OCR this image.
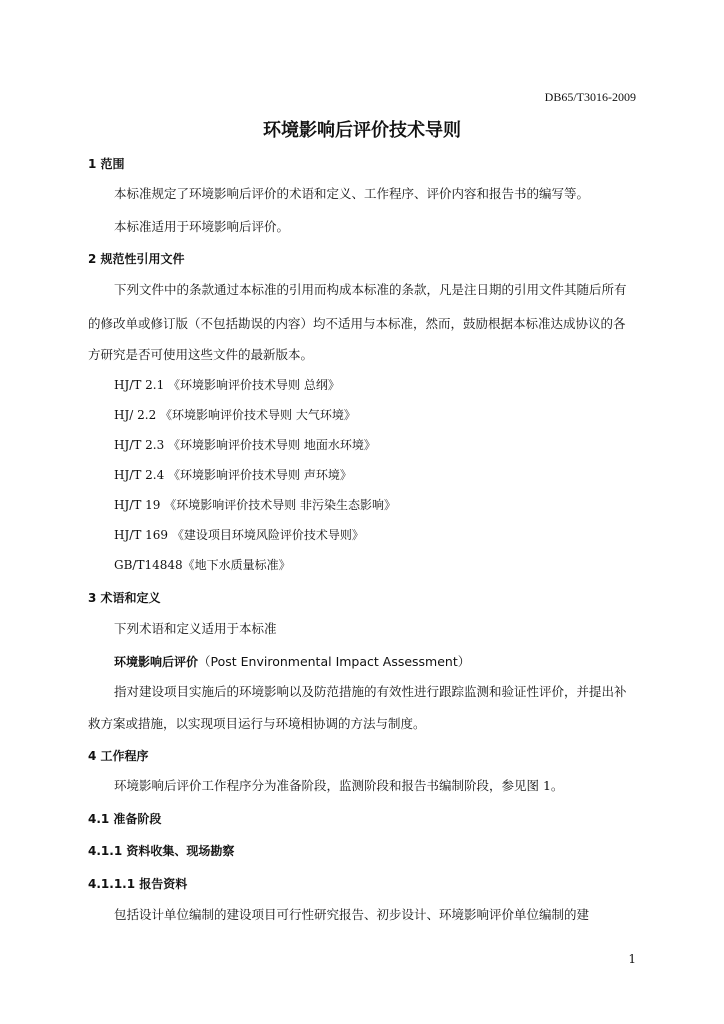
DB65/T3016-2009
环境影响后评价技术导则
1 范围
本标准规定了环境影响后评价的术语和定义、工作程序、评价内容和报告书的编写等。
本标准适用于环境影响后评价。
2 规范性引用文件
下列文件中的条款通过本标准的引用而构成本标准的条款，凡是注日期的引用文件其随后所有
的修改单或修订版（不包括勘误的内容）均不适用与本标准，然而，鼓励根据本标准达成协议的各
方研究是否可使用这些文件的最新版本。
HJ/T 2.1 《环境影响评价技术导则 总纲》
HJ/ 2.2 《环境影响评价技术导则 大气环境》
HJ/T 2.3 《环境影响评价技术导则 地面水环境》
HJ/T 2.4 《环境影响评价技术导则 声环境》
HJ/T 19 《环境影响评价技术导则 非污染生态影响》
HJ/T 169 《建设项目环境风险评价技术导则》
GB/T14848《地下水质量标准》
3 术语和定义
下列术语和定义适用于本标准
环境影响后评价（Post Environmental Impact Assessment）
指对建设项目实施后的环境影响以及防范措施的有效性进行跟踪监测和验证性评价，并提出补
救方案或措施，以实现项目运行与环境相协调的方法与制度。
4 工作程序
环境影响后评价工作程序分为准备阶段，监测阶段和报告书编制阶段，参见图 1。
4.1 准备阶段
4.1.1 资料收集、现场勘察
4.1.1.1 报告资料
包括设计单位编制的建设项目可行性研究报告、初步设计、环境影响评价单位编制的建
1
